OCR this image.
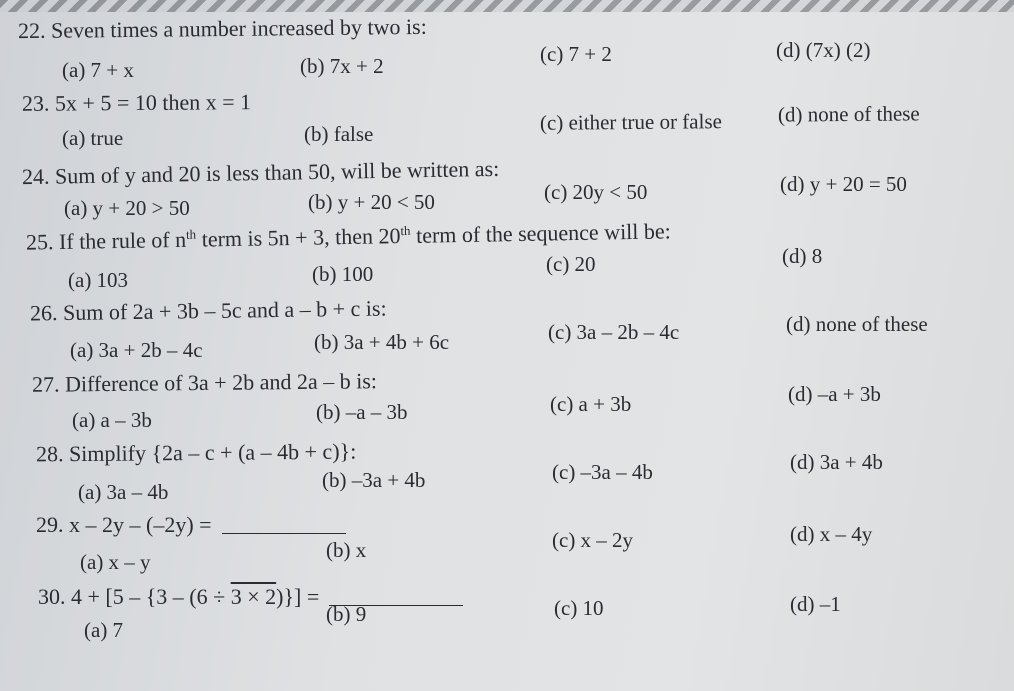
22. Seven times a number increased by two is:
(a) 7 + x	(b) 7x + 2	(c) 7 + 2	(d) (7x) (2)
23. 5x + 5 = 10 then x = 1
(a) true	(b) false	(c) either true or false	(d) none of these
24. Sum of y and 20 is less than 50, will be written as:
(a) y + 20 > 50	(b) y + 20 < 50	(c) 20y < 50	(d) y + 20 = 50
25. If the rule of $n^{th}$ term is 5n + 3, then 20th term of the sequence will be:
(a) 103	(b) 100	(c) 20	(d) 8
26. Sum of 2a + 3b – 5c and a – b + c is:
(a) 3a + 2b – 4c	(b) 3a + 4b + 6c	(c) 3a – 2b – 4c	(d) none of these
27. Difference of 3a + 2b and 2a – b is:
(a) a – 3b	(b) –a – 3b	(c) a + 3b	(d) –a + 3b
28. Simplify {2a – c + (a – 4b + c)}:
(a) 3a – 4b	(b) –3a + 4b	(c) –3a – 4b	(d) 3a + 4b
29. x – 2y – (–2y) =
(a) x – y	(b) x	(c) x – 2y	(d) x – 4y
30. 4 + [5 – {3 – (6 ÷ 3 × 2)}] =
(a) 7
(b) 9	(c) 10	(d) –1
